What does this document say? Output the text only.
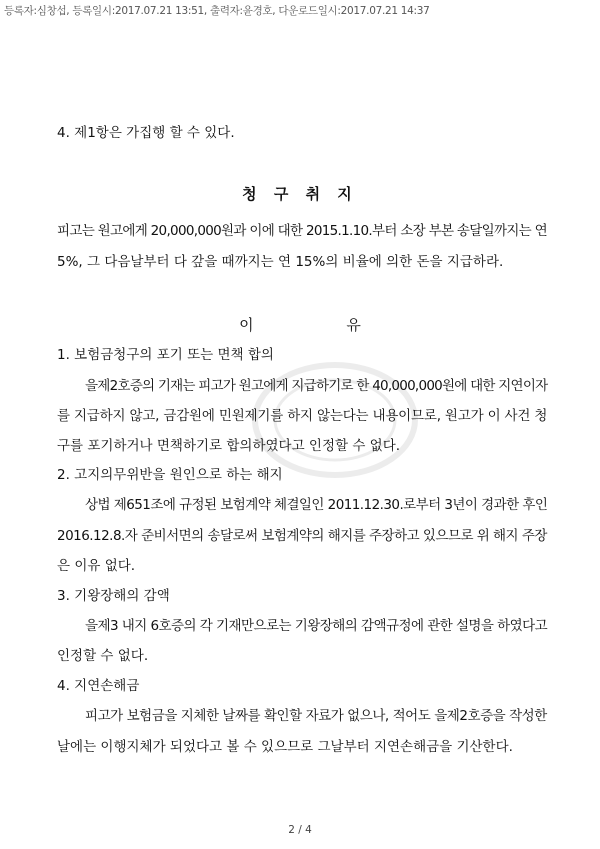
등록자:심창섭, 등록일시:2017.07.21 13:51, 출력자:윤경호, 다운로드일시:2017.07.21 14:37
4. 제1항은 가집행 할 수 있다.
청 구 취 지
피고는 원고에게 20,000,000원과 이에 대한 2015.1.10.부터 소장 부본 송달일까지는 연
5%, 그 다음날부터 다 갚을 때까지는 연 15%의 비율에 의한 돈을 지급하라.
이 유
1. 보험금청구의 포기 또는 면책 합의
을제2호증의 기재는 피고가 원고에게 지급하기로 한 40,000,000원에 대한 지연이자
를 지급하지 않고, 금감원에 민원제기를 하지 않는다는 내용이므로, 원고가 이 사건 청
구를 포기하거나 면책하기로 합의하였다고 인정할 수 없다.
2. 고지의무위반을 원인으로 하는 해지
상법 제651조에 규정된 보험계약 체결일인 2011.12.30.로부터 3년이 경과한 후인
2016.12.8.자 준비서면의 송달로써 보험계약의 해지를 주장하고 있으므로 위 해지 주장
은 이유 없다.
3. 기왕장해의 감액
을제3 내지 6호증의 각 기재만으로는 기왕장해의 감액규정에 관한 설명을 하였다고
인정할 수 없다.
4. 지연손해금
피고가 보험금을 지체한 날짜를 확인할 자료가 없으나, 적어도 을제2호증을 작성한
날에는 이행지체가 되었다고 볼 수 있으므로 그날부터 지연손해금을 기산한다.
2 / 4
